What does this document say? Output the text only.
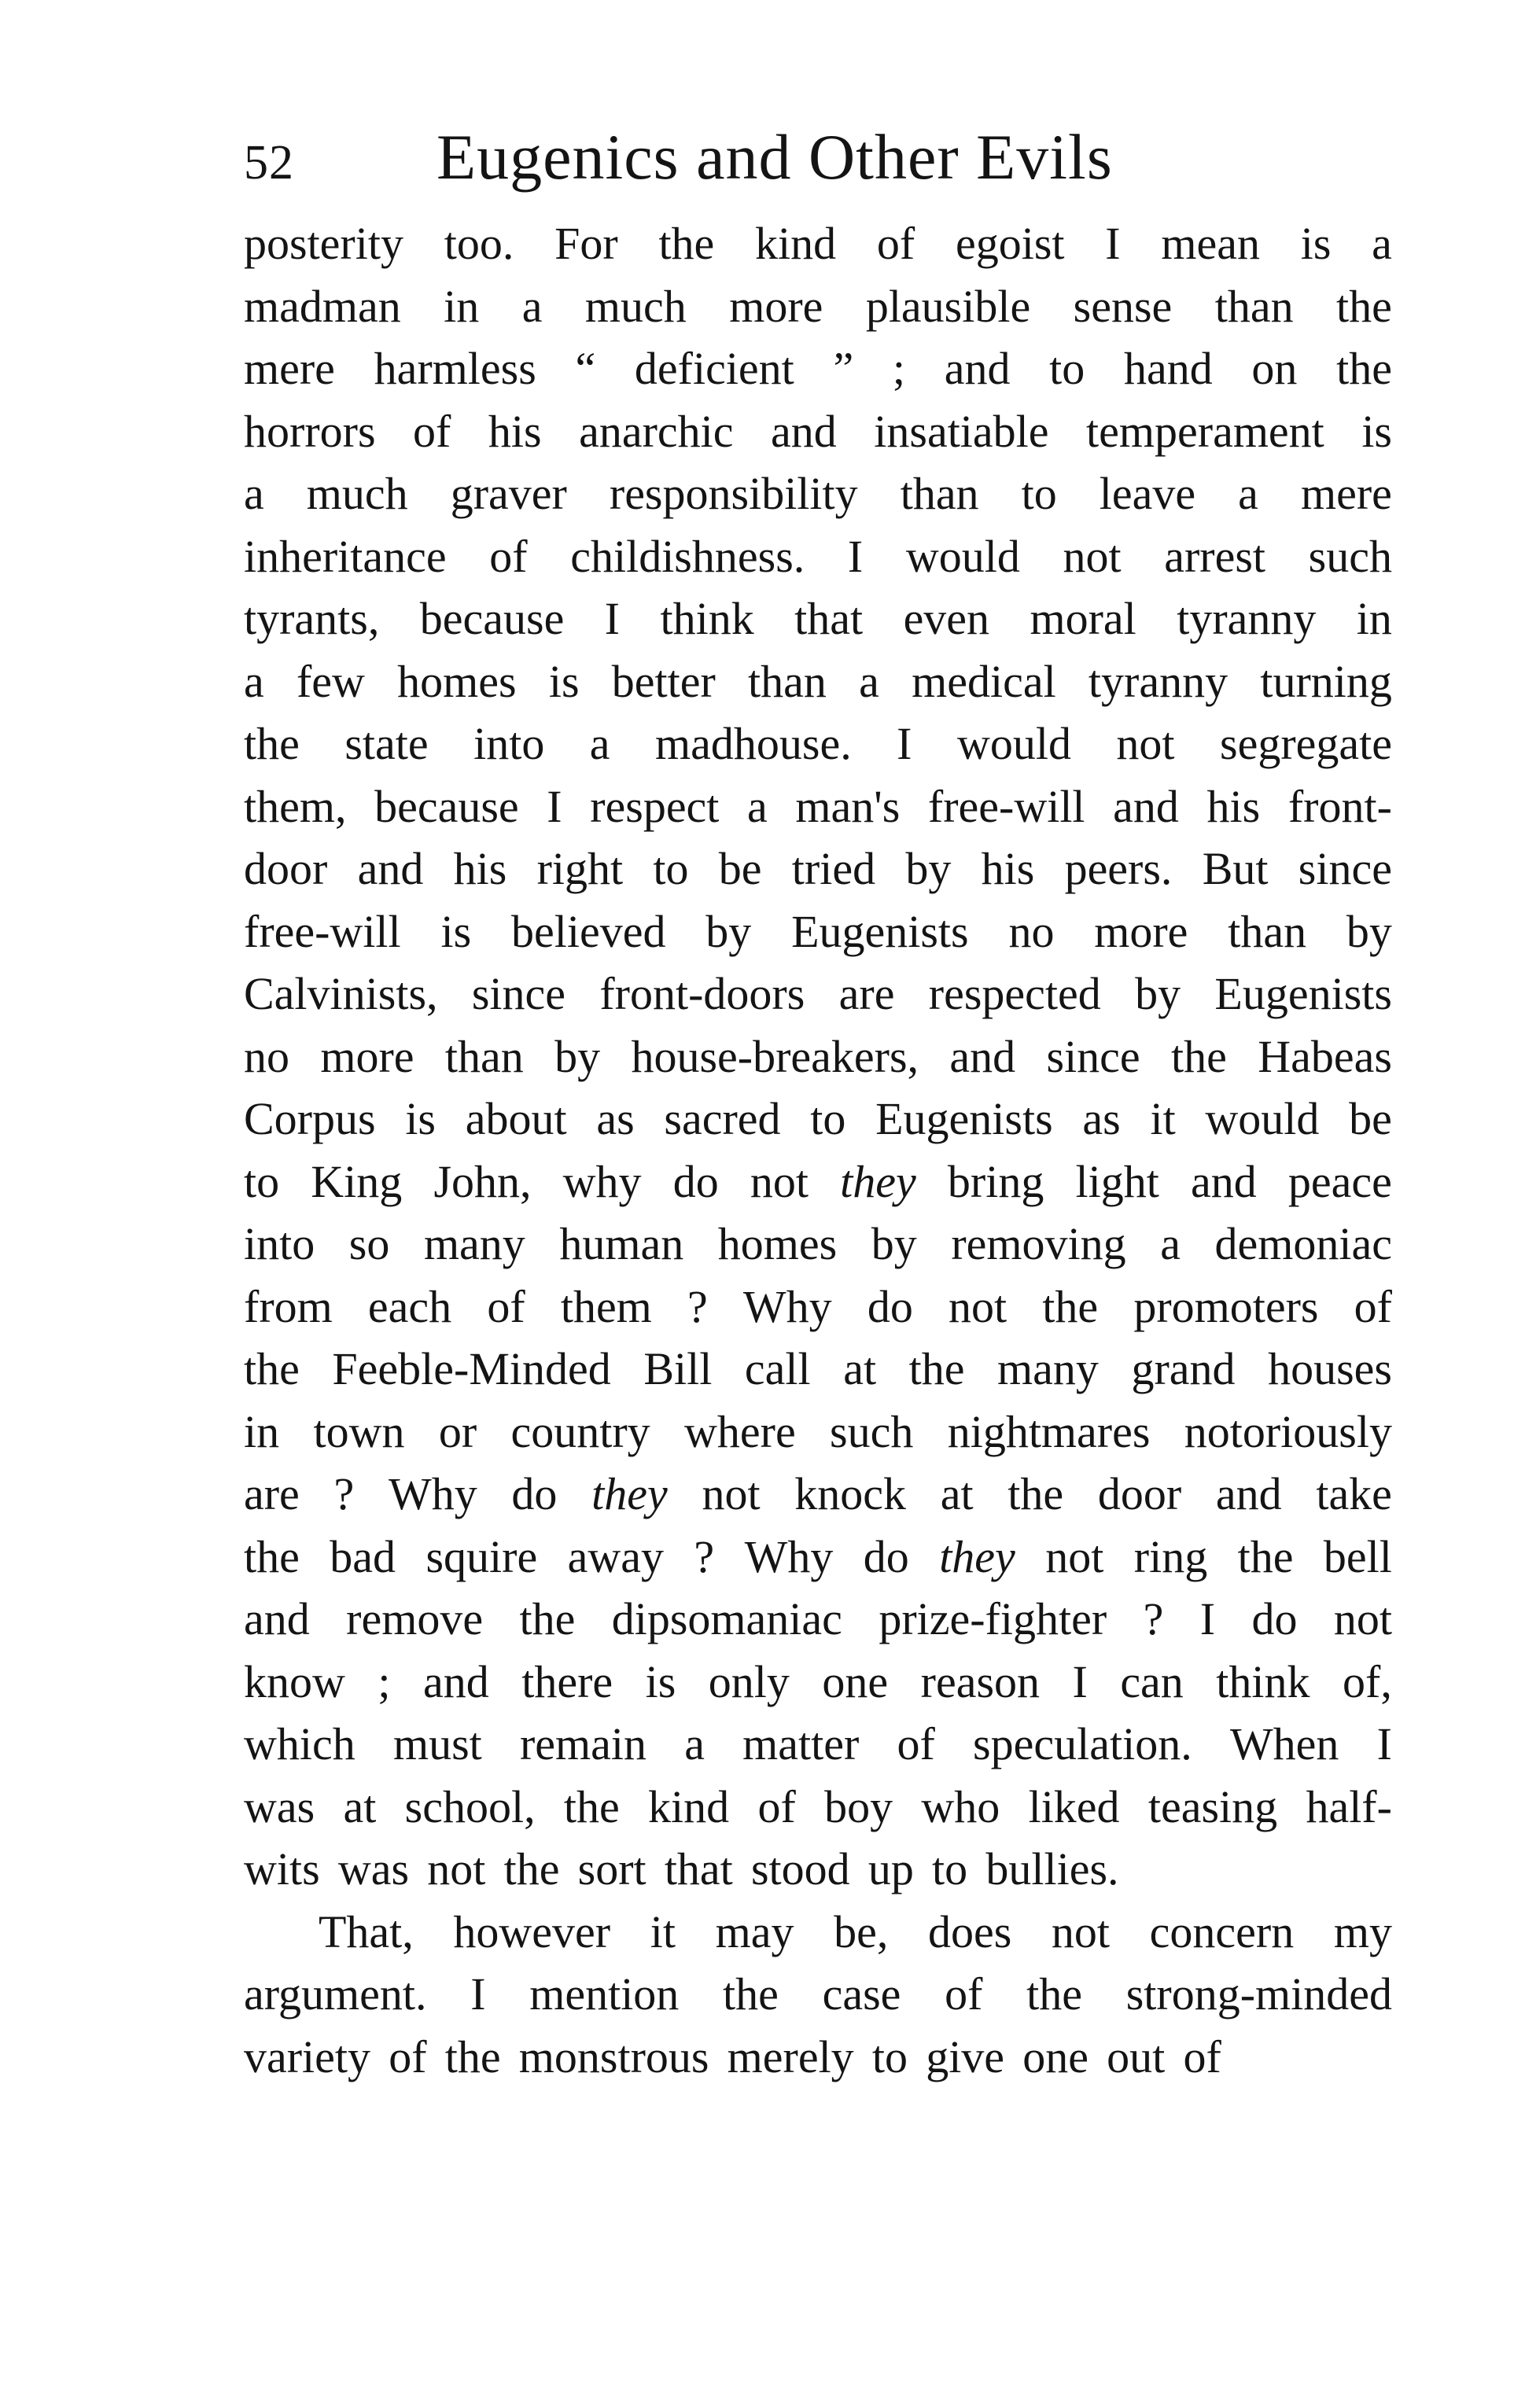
52 Eugenics and Other Evils
posterity too. For the kind of egoist I mean is a
madman in a much more plausible sense than the
mere harmless “ deficient ” ; and to hand on the
horrors of his anarchic and insatiable temperament is
a much graver responsibility than to leave a mere
inheritance of childishness. I would not arrest such
tyrants, because I think that even moral tyranny in
a few homes is better than a medical tyranny turning
the state into a madhouse. I would not segregate
them, because I respect a man's free-will and his front-
door and his right to be tried by his peers. But since
free-will is believed by Eugenists no more than by
Calvinists, since front-doors are respected by Eugenists
no more than by house-breakers, and since the Habeas
Corpus is about as sacred to Eugenists as it would be
to King John, why do not they bring light and peace
into so many human homes by removing a demoniac
from each of them ? Why do not the promoters of
the Feeble-Minded Bill call at the many grand houses
in town or country where such nightmares notoriously
are ? Why do they not knock at the door and take
the bad squire away ? Why do they not ring the bell
and remove the dipsomaniac prize-fighter ? I do not
know ; and there is only one reason I can think of,
which must remain a matter of speculation. When I
was at school, the kind of boy who liked teasing half-
wits was not the sort that stood up to bullies.
That, however it may be, does not concern my
argument. I mention the case of the strong-minded
variety of the monstrous merely to give one out of
